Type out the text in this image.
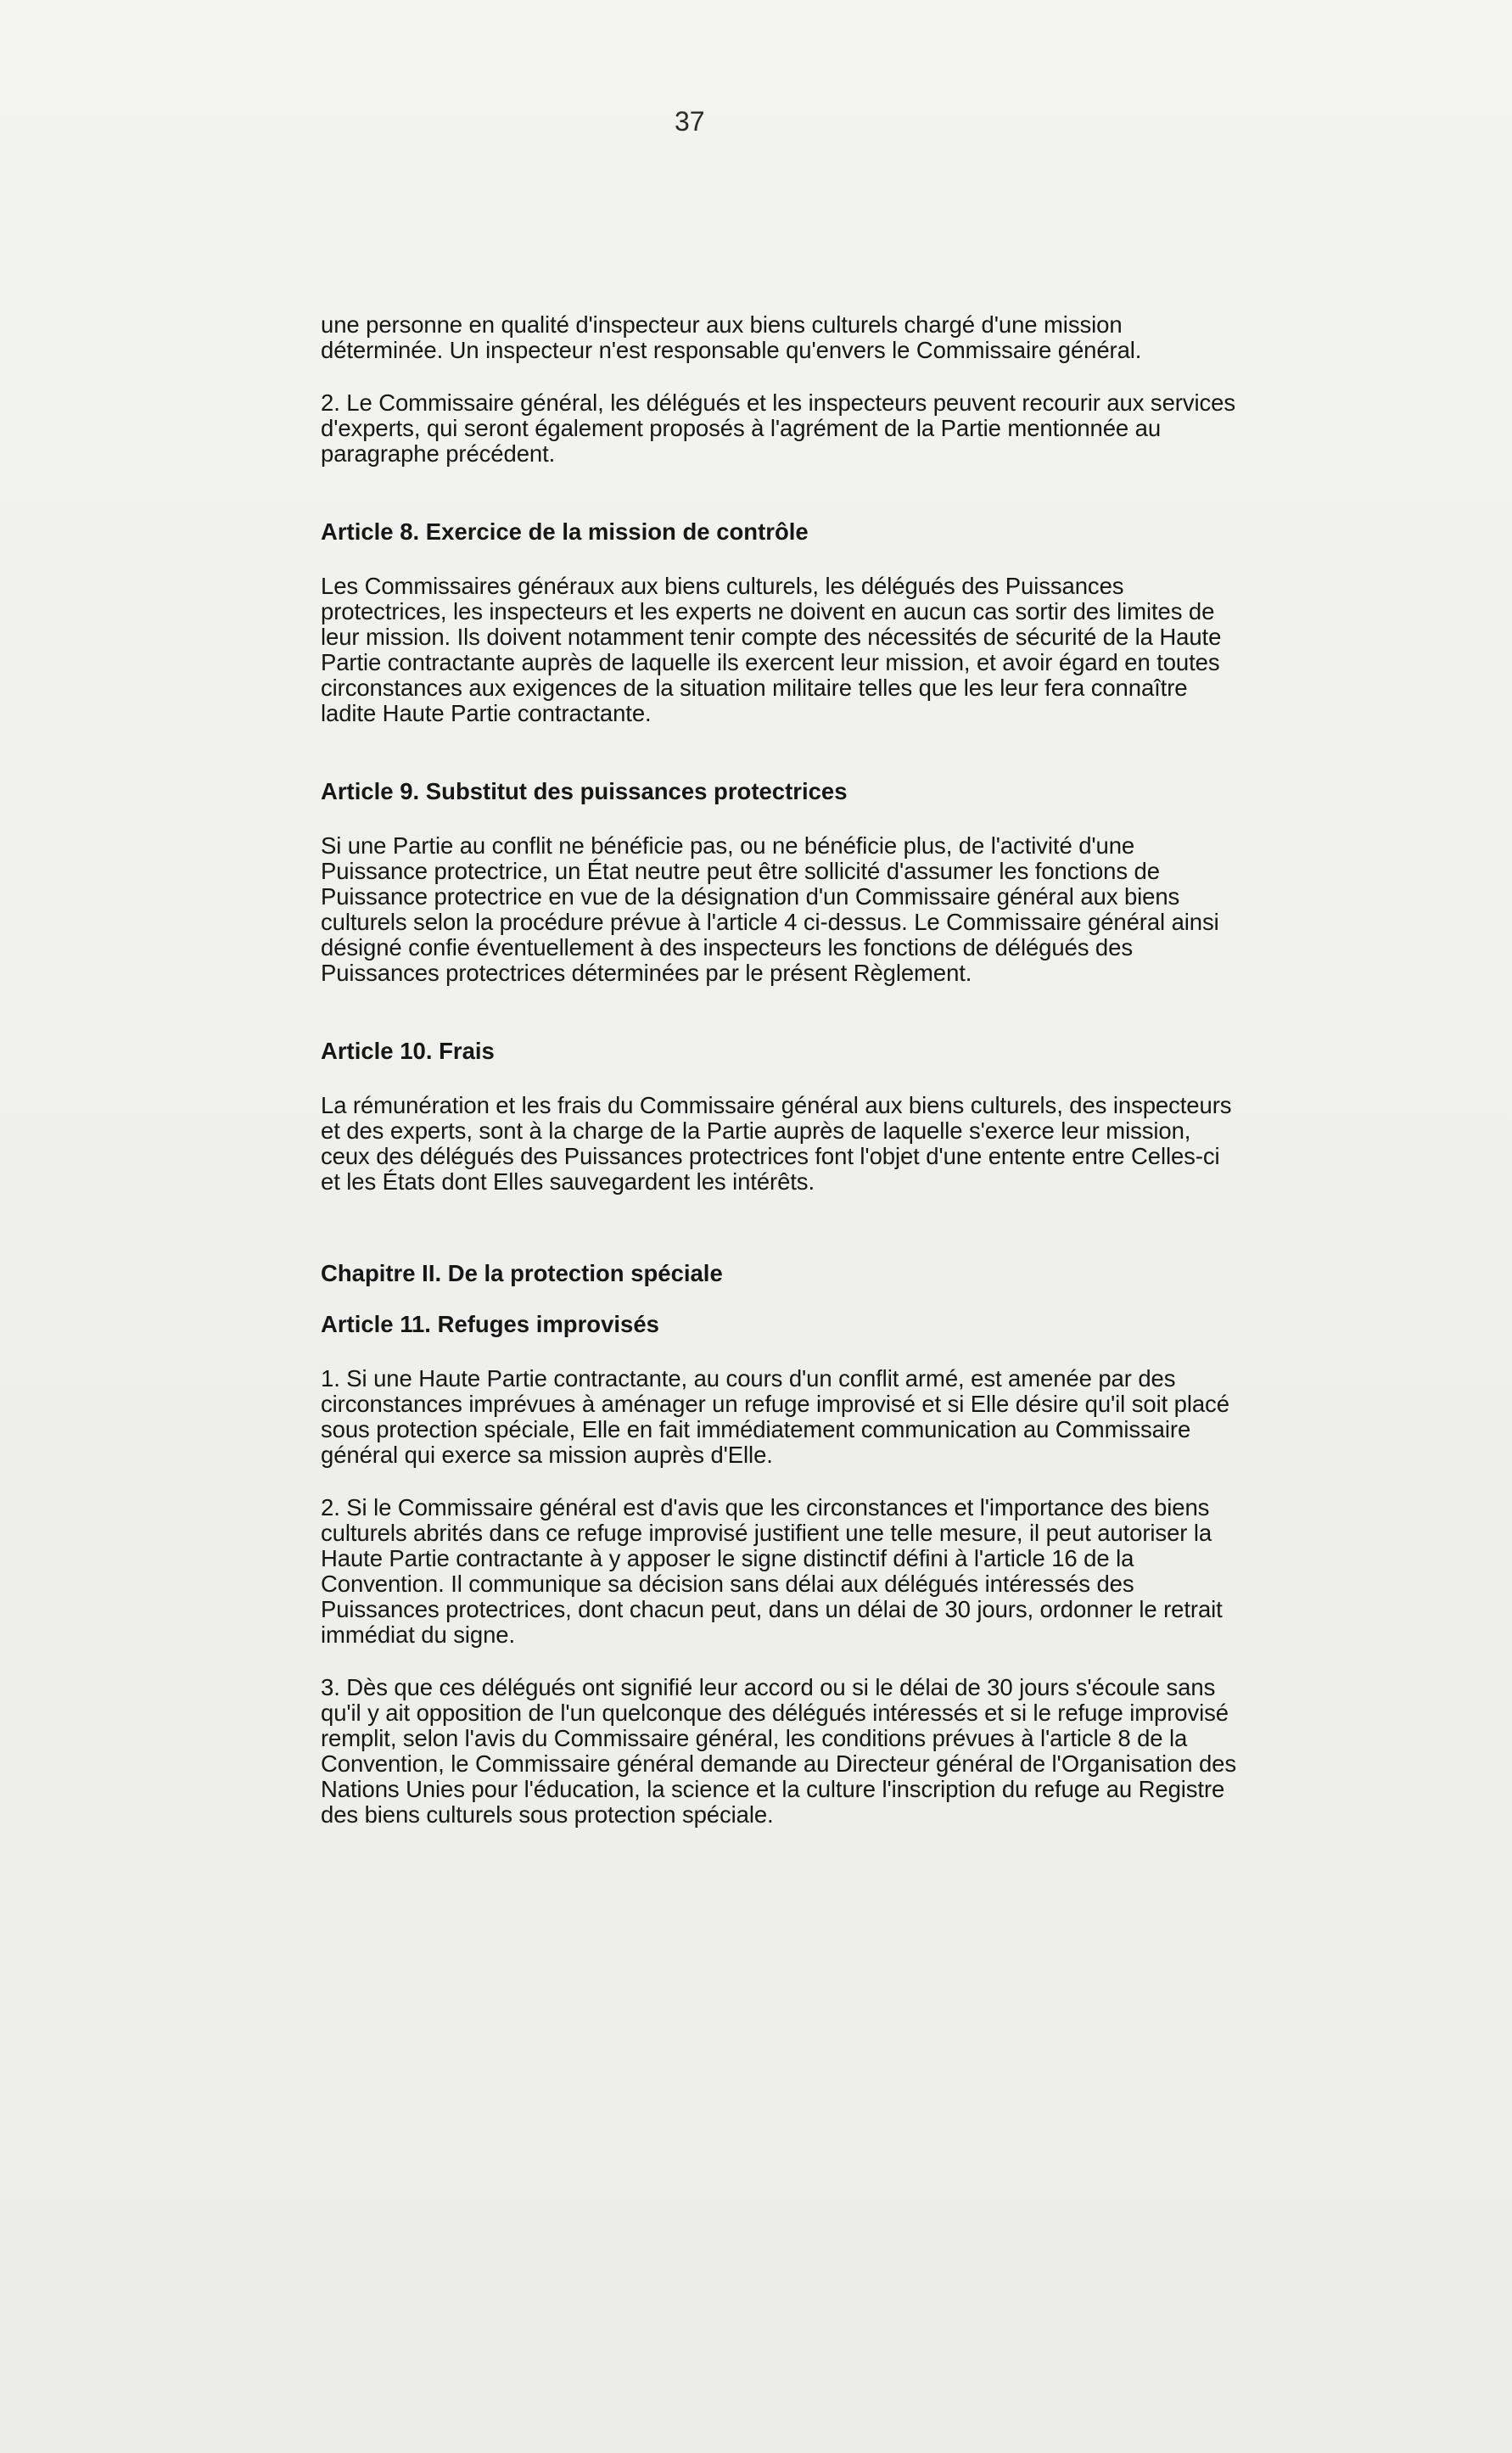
37

une personne en qualité d'inspecteur aux biens culturels chargé d'une mission déterminée. Un inspecteur n'est responsable qu'envers le Commissaire général.

2. Le Commissaire général, les délégués et les inspecteurs peuvent recourir aux services d'experts, qui seront également proposés à l'agrément de la Partie mentionnée au paragraphe précédent.

Article 8. Exercice de la mission de contrôle

Les Commissaires généraux aux biens culturels, les délégués des Puissances protectrices, les inspecteurs et les experts ne doivent en aucun cas sortir des limites de leur mission. Ils doivent notamment tenir compte des nécessités de sécurité de la Haute Partie contractante auprès de laquelle ils exercent leur mission, et avoir égard en toutes circonstances aux exigences de la situation militaire telles que les leur fera connaître ladite Haute Partie contractante.

Article 9. Substitut des puissances protectrices

Si une Partie au conflit ne bénéficie pas, ou ne bénéficie plus, de l'activité d'une Puissance protectrice, un État neutre peut être sollicité d'assumer les fonctions de Puissance protectrice en vue de la désignation d'un Commissaire général aux biens culturels selon la procédure prévue à l'article 4 ci-dessus. Le Commissaire général ainsi désigné confie éventuellement à des inspecteurs les fonctions de délégués des Puissances protectrices déterminées par le présent Règlement.

Article 10. Frais

La rémunération et les frais du Commissaire général aux biens culturels, des inspecteurs et des experts, sont à la charge de la Partie auprès de laquelle s'exerce leur mission, ceux des délégués des Puissances protectrices font l'objet d'une entente entre Celles-ci et les États dont Elles sauvegardent les intérêts.

Chapitre II. De la protection spéciale
Article 11. Refuges improvisés

1. Si une Haute Partie contractante, au cours d'un conflit armé, est amenée par des circonstances imprévues à aménager un refuge improvisé et si Elle désire qu'il soit placé sous protection spéciale, Elle en fait immédiatement communication au Commissaire général qui exerce sa mission auprès d'Elle.

2. Si le Commissaire général est d'avis que les circonstances et l'importance des biens culturels abrités dans ce refuge improvisé justifient une telle mesure, il peut autoriser la Haute Partie contractante à y apposer le signe distinctif défini à l'article 16 de la Convention. Il communique sa décision sans délai aux délégués intéressés des Puissances protectrices, dont chacun peut, dans un délai de 30 jours, ordonner le retrait immédiat du signe.

3. Dès que ces délégués ont signifié leur accord ou si le délai de 30 jours s'écoule sans qu'il y ait opposition de l'un quelconque des délégués intéressés et si le refuge improvisé remplit, selon l'avis du Commissaire général, les conditions prévues à l'article 8 de la Convention, le Commissaire général demande au Directeur général de l'Organisation des Nations Unies pour l'éducation, la science et la culture l'inscription du refuge au Registre des biens culturels sous protection spéciale.
